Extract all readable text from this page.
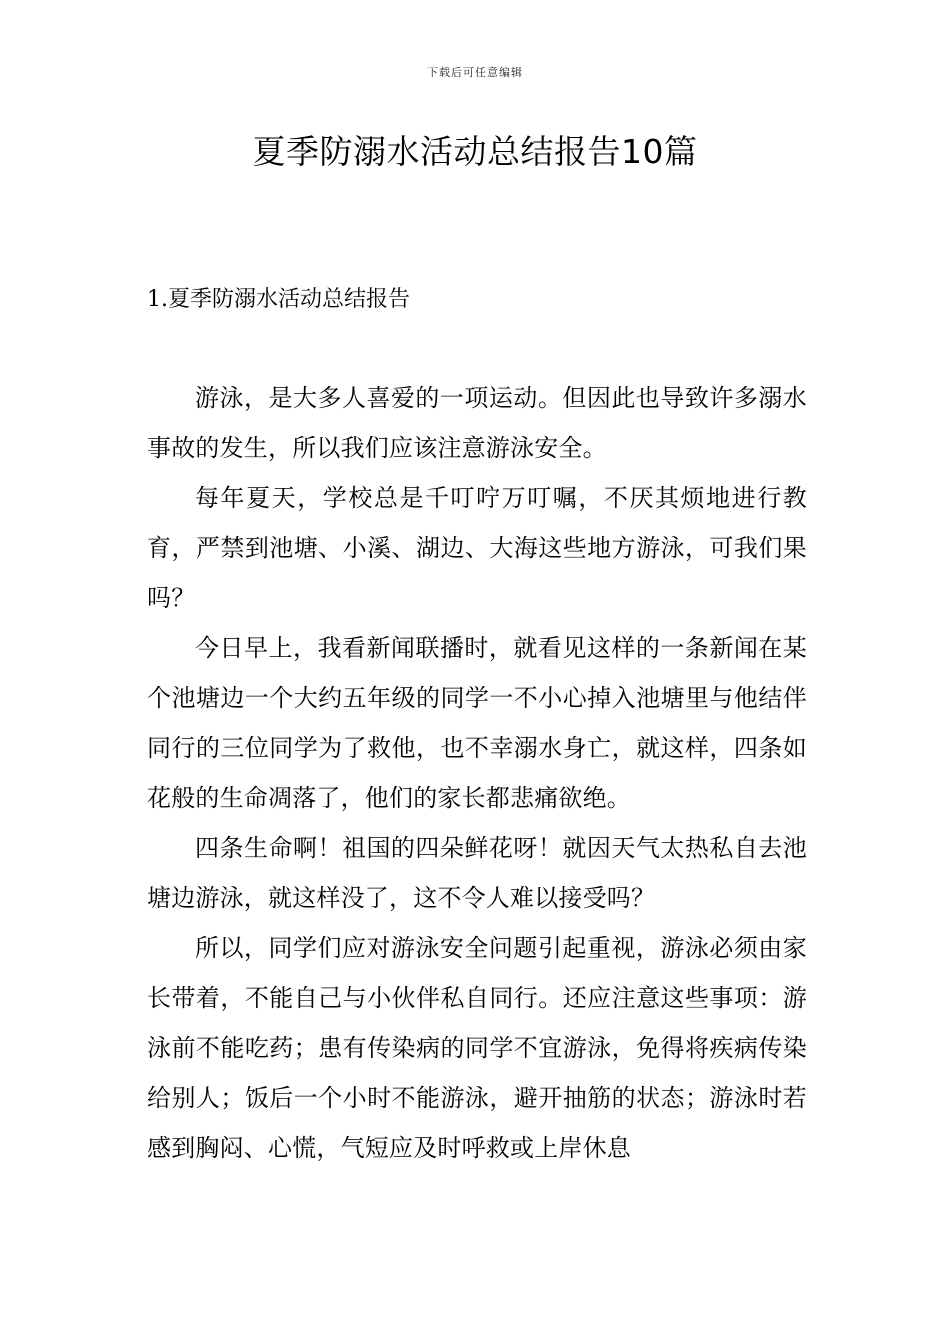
下载后可任意编辑
夏季防溺水活动总结报告10篇
1.夏季防溺水活动总结报告

游泳，是大多人喜爱的一项运动。但因此也导致许多溺水事故的发生，所以我们应该注意游泳安全。

每年夏天，学校总是千叮咛万叮嘱，不厌其烦地进行教育，严禁到池塘、小溪、湖边、大海这些地方游泳，可我们果吗？

今日早上，我看新闻联播时，就看见这样的一条新闻在某个池塘边一个大约五年级的同学一不小心掉入池塘里与他结伴同行的三位同学为了救他，也不幸溺水身亡，就这样，四条如花般的生命凋落了，他们的家长都悲痛欲绝。

四条生命啊！祖国的四朵鲜花呀！就因天气太热私自去池塘边游泳，就这样没了，这不令人难以接受吗？

所以，同学们应对游泳安全问题引起重视，游泳必须由家长带着，不能自己与小伙伴私自同行。还应注意这些事项：游泳前不能吃药；患有传染病的同学不宜游泳，免得将疾病传染给别人；饭后一个小时不能游泳，避开抽筋的状态；游泳时若感到胸闷、心慌，气短应及时呼救或上岸休息
